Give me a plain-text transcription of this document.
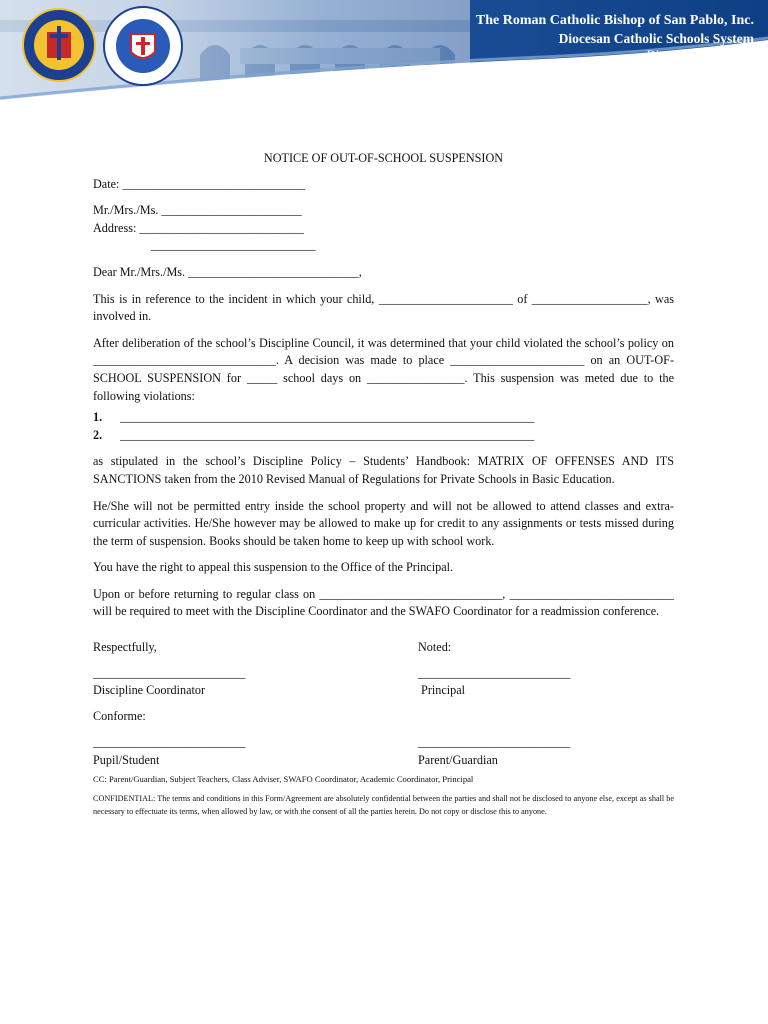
The Roman Catholic Bishop of San Pablo, Inc.
Diocesan Catholic Schools System
Diocese of San Pablo
Liceo de Pagsanjan
Pagsanjan, Laguna
NOTICE OF OUT-OF-SCHOOL SUSPENSION
Date: ______________________________
Mr./Mrs./Ms. _______________________
Address: ___________________________
___________________________
Dear Mr./Mrs./Ms. ____________________________,

This is in reference to the incident in which your child, ______________________ of ___________________, was involved in.

After deliberation of the school’s Discipline Council, it was determined that your child violated the school’s policy on ______________________________. A decision was made to place ______________________ on an OUT-OF-SCHOOL SUSPENSION for _____ school days on ________________. This suspension was meted due to the following violations:

1.	____________________________________________________________________
2.	____________________________________________________________________

as stipulated in the school’s Discipline Policy – Students’ Handbook: MATRIX OF OFFENSES AND ITS SANCTIONS taken from the 2010 Revised Manual of Regulations for Private Schools in Basic Education.

He/She will not be permitted entry inside the school property and will not be allowed to attend classes and extra-curricular activities. He/She however may be allowed to make up for credit to any assignments or tests missed during the term of suspension. Books should be taken home to keep up with school work.

You have the right to appeal this suspension to the Office of the Principal.

Upon or before returning to regular class on ______________________________, ___________________________ will be required to meet with the Discipline Coordinator and the SWAFO Coordinator for a readmission conference.

Respectfully,	Noted:
_________________________
Discipline Coordinator
_________________________
Principal
Conforme:
_________________________
Pupil/Student
_________________________
Parent/Guardian
CC: Parent/Guardian, Subject Teachers, Class Adviser, SWAFO Coordinator, Academic Coordinator, Principal
CONFIDENTIAL: The terms and conditions in this Form/Agreement are absolutely confidential between the parties and shall not be disclosed to anyone else, except as shall be necessary to effectuate its terms, when allowed by law, or with the consent of all the parties herein. Do not copy or disclose this to anyone.
